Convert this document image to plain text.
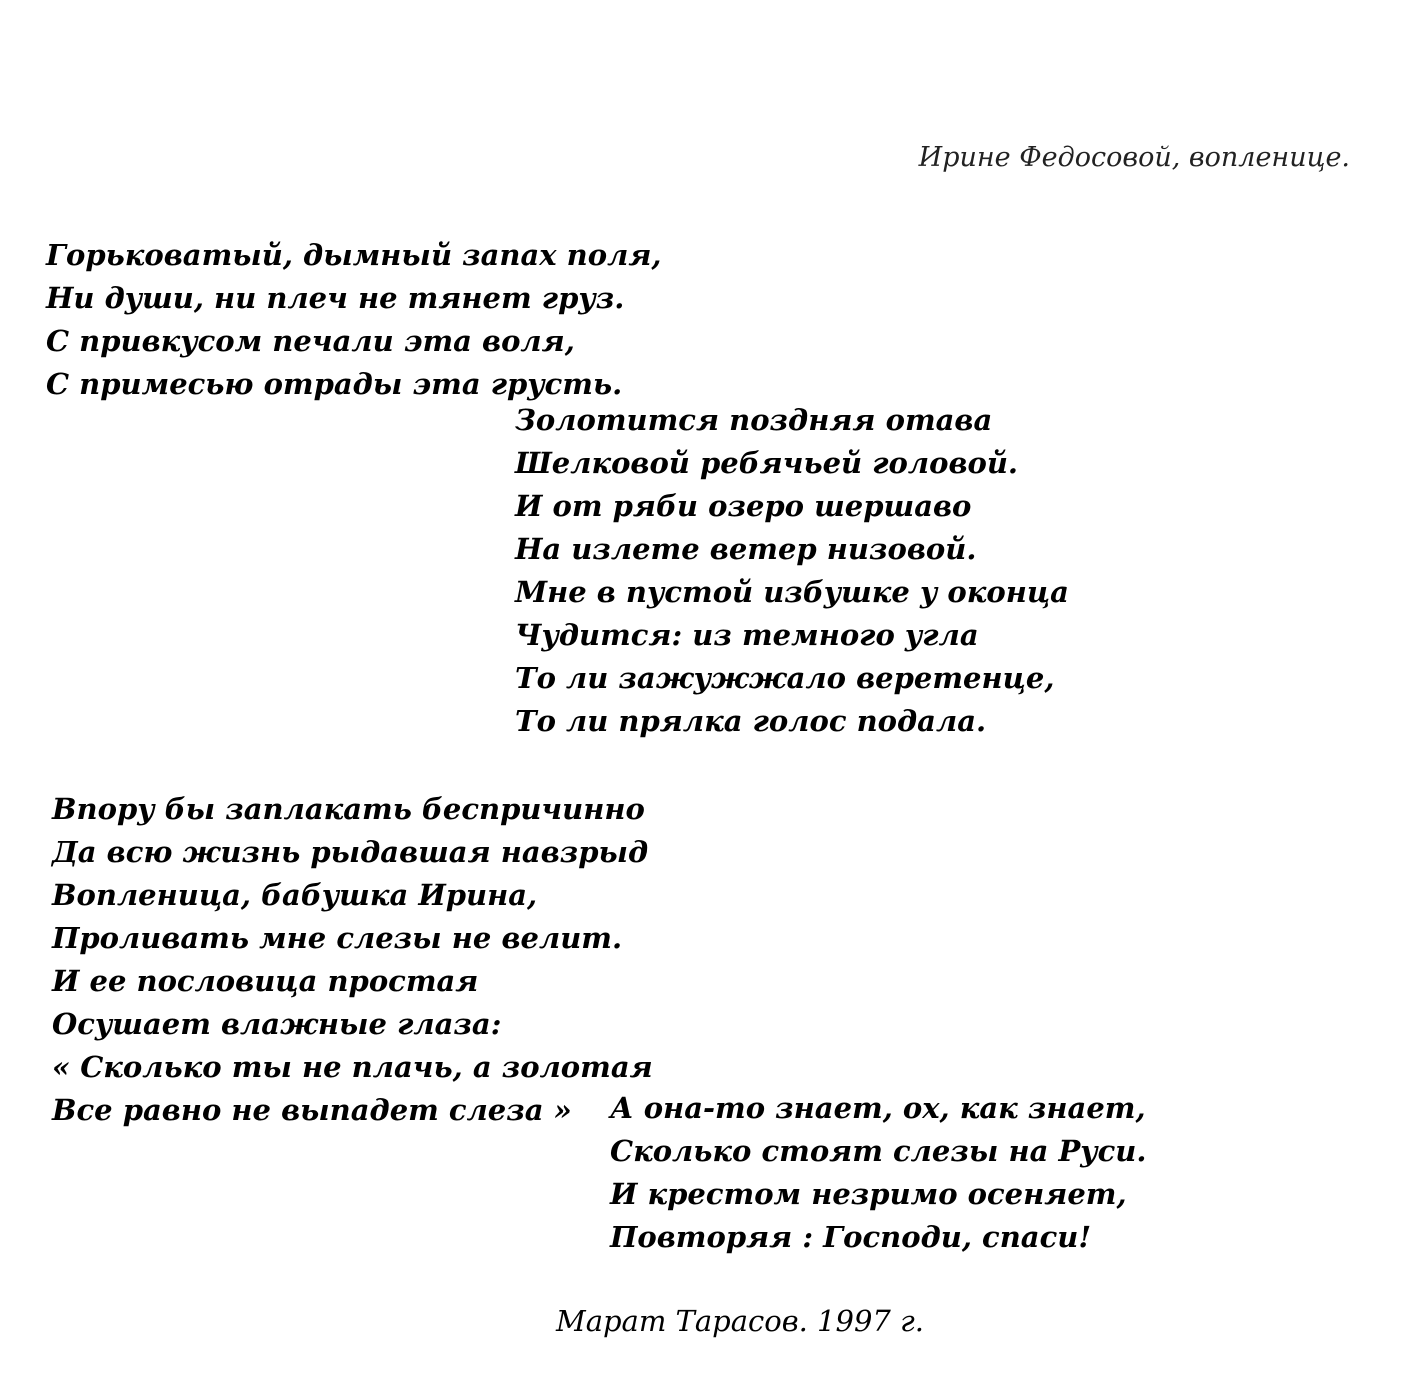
Ирине Федосовой, вопленице.
Горьковатый, дымный запах поля,
Ни души, ни плеч не тянет груз.
С привкусом печали эта воля,
С примесью отрады эта грусть.
Золотится поздняя отава
Шелковой ребячьей головой.
И от ряби озеро шершаво
На излете ветер низовой.
Мне в пустой избушке у оконца
Чудится: из темного угла
То ли зажужжало веретенце,
То ли прялка голос подала.
Впору бы заплакать беспричинно
Да всю жизнь рыдавшая навзрыд
Вопленица, бабушка Ирина,
Проливать мне слезы не велит.
И ее пословица простая
Осушает влажные глаза:
« Сколько ты не плачь, а золотая
Все равно не выпадет слеза »	А она-то знает, ох, как знает,
Сколько стоят слезы на Руси.
И крестом незримо осеняет,
Повторяя : Господи, спаси!
Марат Тарасов. 1997 г.
